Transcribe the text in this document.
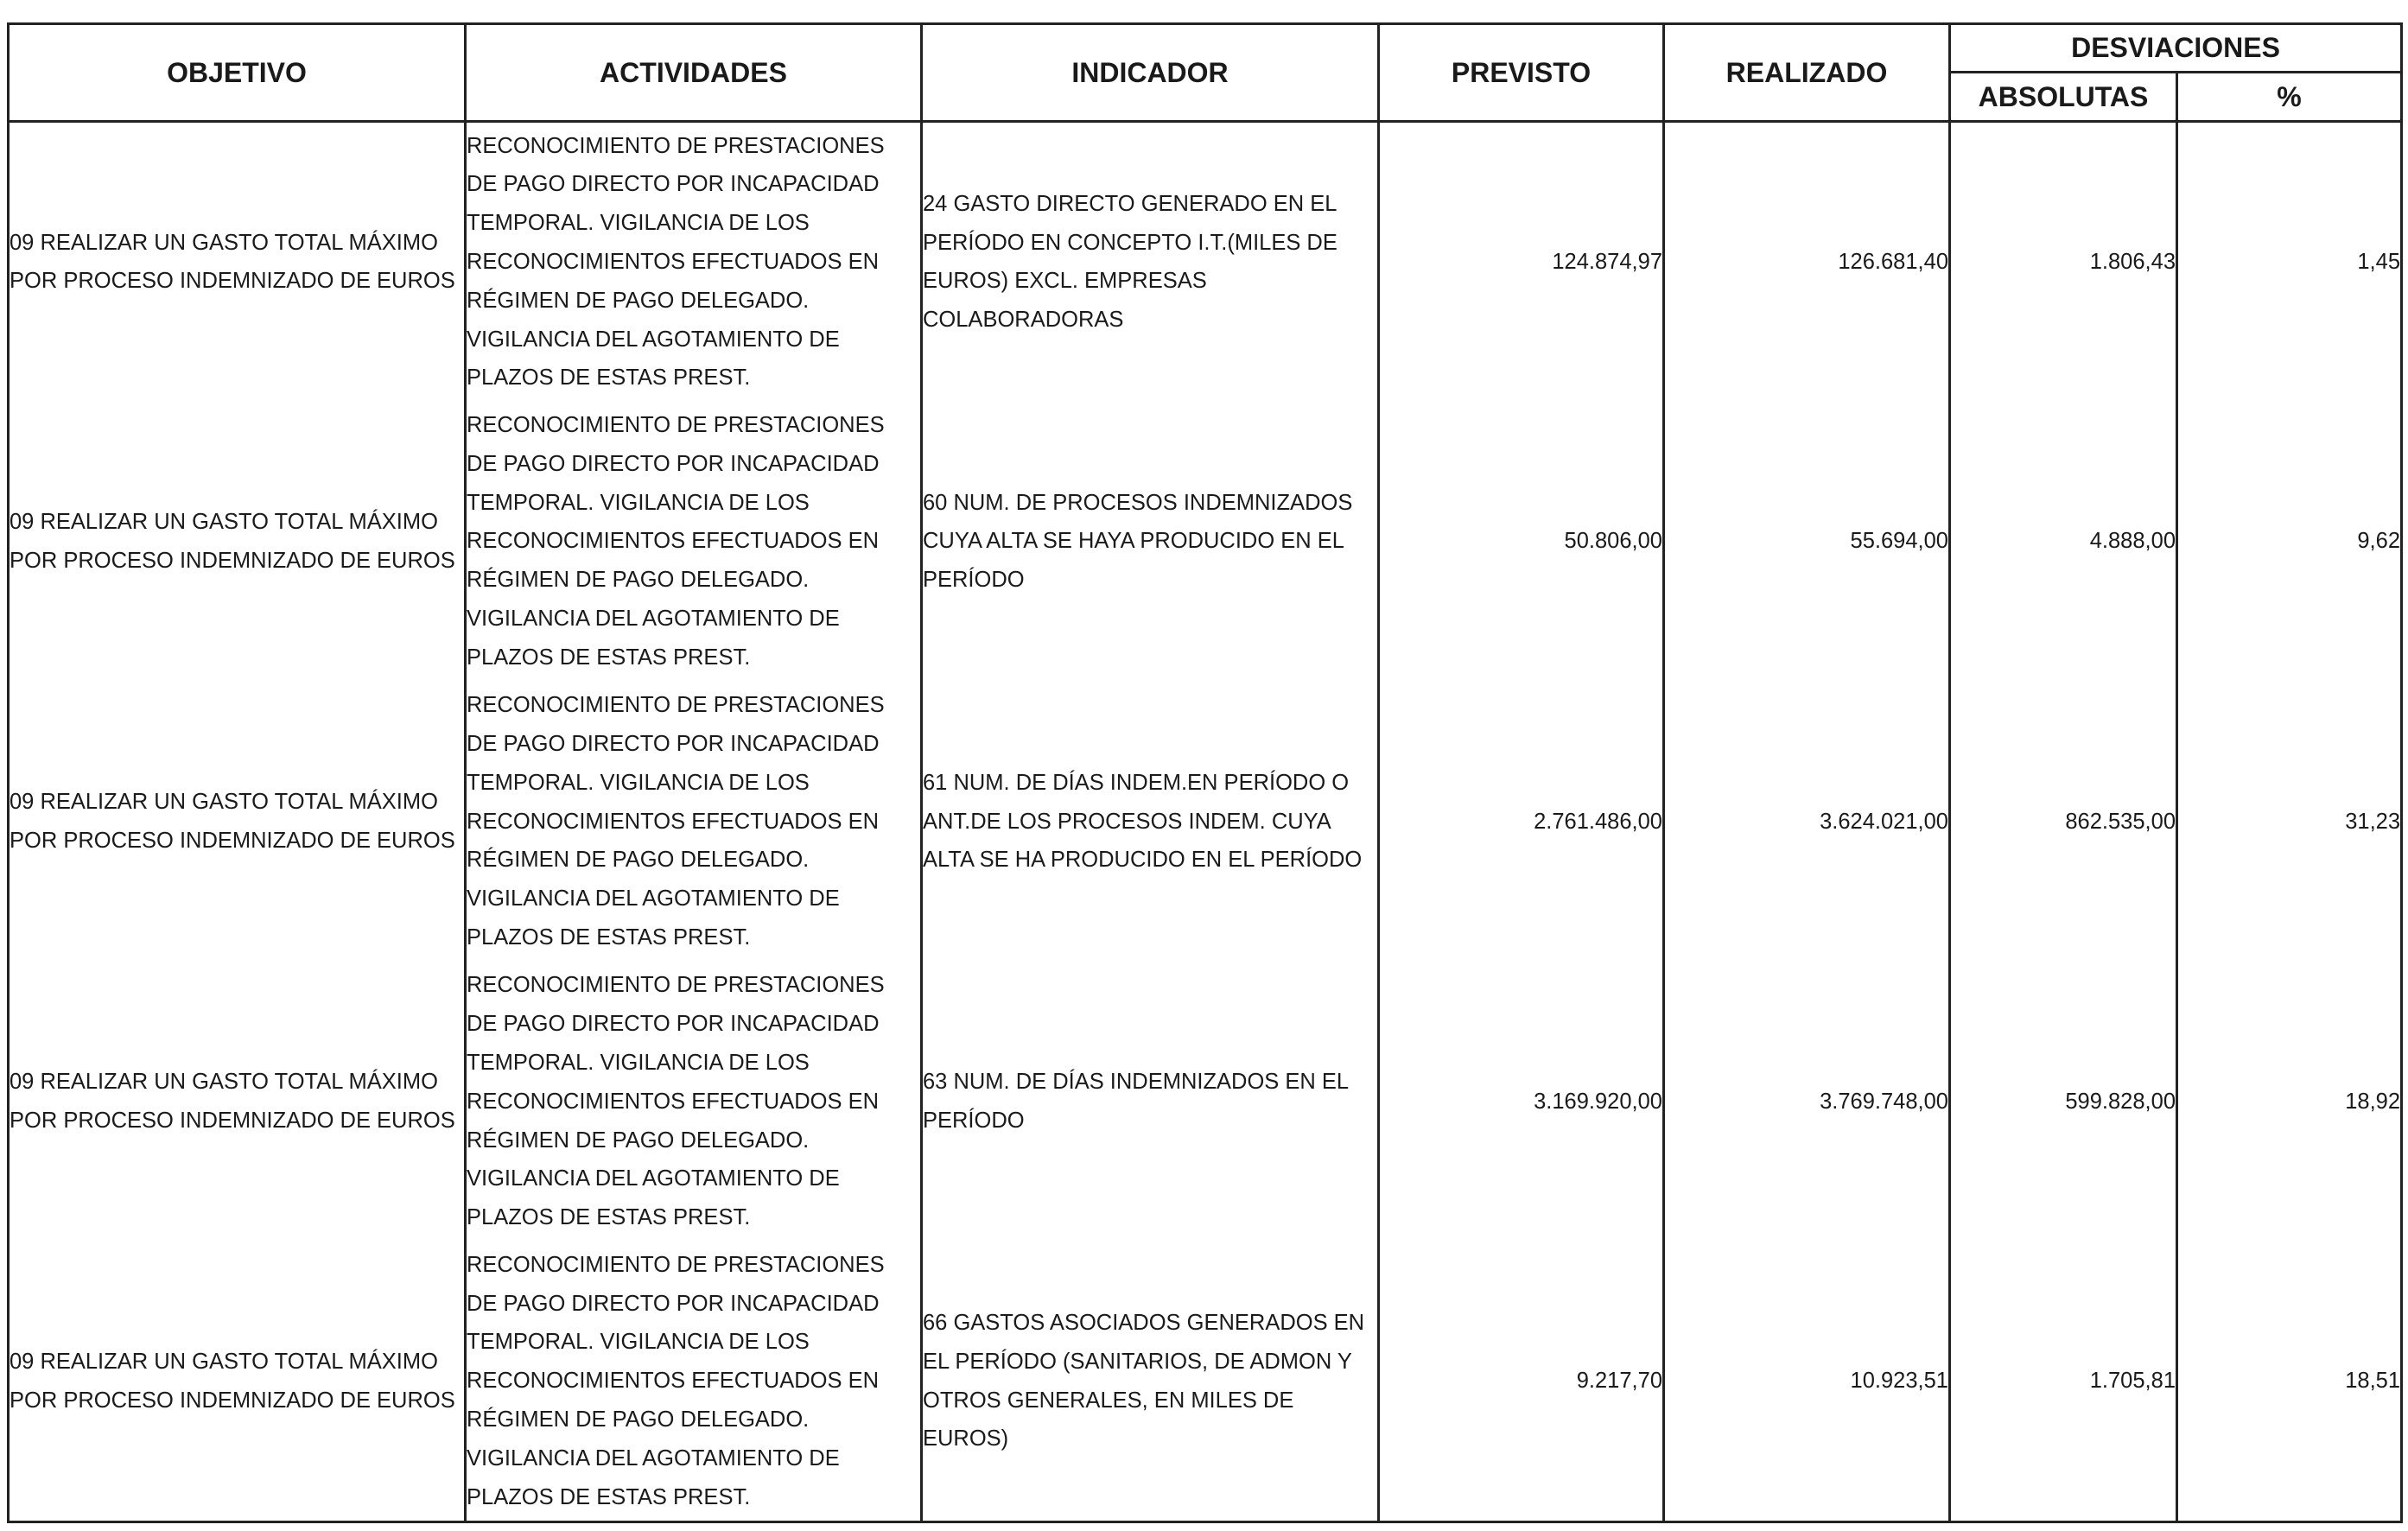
OBJETIVO	ACTIVIDADES	INDICADOR	PREVISTO	REALIZADO	DESVIACIONES	
					ABSOLUTAS	%
09 REALIZAR UN GASTO TOTAL MÁXIMO POR PROCESO INDEMNIZADO DE EUROS	RECONOCIMIENTO DE PRESTACIONES DE PAGO DIRECTO POR INCAPACIDAD TEMPORAL. VIGILANCIA DE LOS RECONOCIMIENTOS EFECTUADOS EN RÉGIMEN DE PAGO DELEGADO. VIGILANCIA DEL AGOTAMIENTO DE PLAZOS DE ESTAS PREST.	24 GASTO DIRECTO GENERADO EN EL PERÍODO EN CONCEPTO I.T.(MILES DE EUROS) EXCL. EMPRESAS COLABORADORAS	124.874,97	126.681,40	1.806,43	1,45
09 REALIZAR UN GASTO TOTAL MÁXIMO POR PROCESO INDEMNIZADO DE EUROS	RECONOCIMIENTO DE PRESTACIONES DE PAGO DIRECTO POR INCAPACIDAD TEMPORAL. VIGILANCIA DE LOS RECONOCIMIENTOS EFECTUADOS EN RÉGIMEN DE PAGO DELEGADO. VIGILANCIA DEL AGOTAMIENTO DE PLAZOS DE ESTAS PREST.	60 NUM. DE PROCESOS INDEMNIZADOS CUYA ALTA SE HAYA PRODUCIDO EN EL PERÍODO	50.806,00	55.694,00	4.888,00	9,62
09 REALIZAR UN GASTO TOTAL MÁXIMO POR PROCESO INDEMNIZADO DE EUROS	RECONOCIMIENTO DE PRESTACIONES DE PAGO DIRECTO POR INCAPACIDAD TEMPORAL. VIGILANCIA DE LOS RECONOCIMIENTOS EFECTUADOS EN RÉGIMEN DE PAGO DELEGADO. VIGILANCIA DEL AGOTAMIENTO DE PLAZOS DE ESTAS PREST.	61 NUM. DE DÍAS INDEM.EN PERÍODO O ANT.DE LOS PROCESOS INDEM. CUYA ALTA SE HA PRODUCIDO EN EL PERÍODO	2.761.486,00	3.624.021,00	862.535,00	31,23
09 REALIZAR UN GASTO TOTAL MÁXIMO POR PROCESO INDEMNIZADO DE EUROS	RECONOCIMIENTO DE PRESTACIONES DE PAGO DIRECTO POR INCAPACIDAD TEMPORAL. VIGILANCIA DE LOS RECONOCIMIENTOS EFECTUADOS EN RÉGIMEN DE PAGO DELEGADO. VIGILANCIA DEL AGOTAMIENTO DE PLAZOS DE ESTAS PREST.	63 NUM. DE DÍAS INDEMNIZADOS EN EL PERÍODO	3.169.920,00	3.769.748,00	599.828,00	18,92
09 REALIZAR UN GASTO TOTAL MÁXIMO POR PROCESO INDEMNIZADO DE EUROS	RECONOCIMIENTO DE PRESTACIONES DE PAGO DIRECTO POR INCAPACIDAD TEMPORAL. VIGILANCIA DE LOS RECONOCIMIENTOS EFECTUADOS EN RÉGIMEN DE PAGO DELEGADO. VIGILANCIA DEL AGOTAMIENTO DE PLAZOS DE ESTAS PREST.	66 GASTOS ASOCIADOS GENERADOS EN EL PERÍODO (SANITARIOS, DE ADMON Y OTROS GENERALES, EN MILES DE EUROS)	9.217,70	10.923,51	1.705,81	18,51
